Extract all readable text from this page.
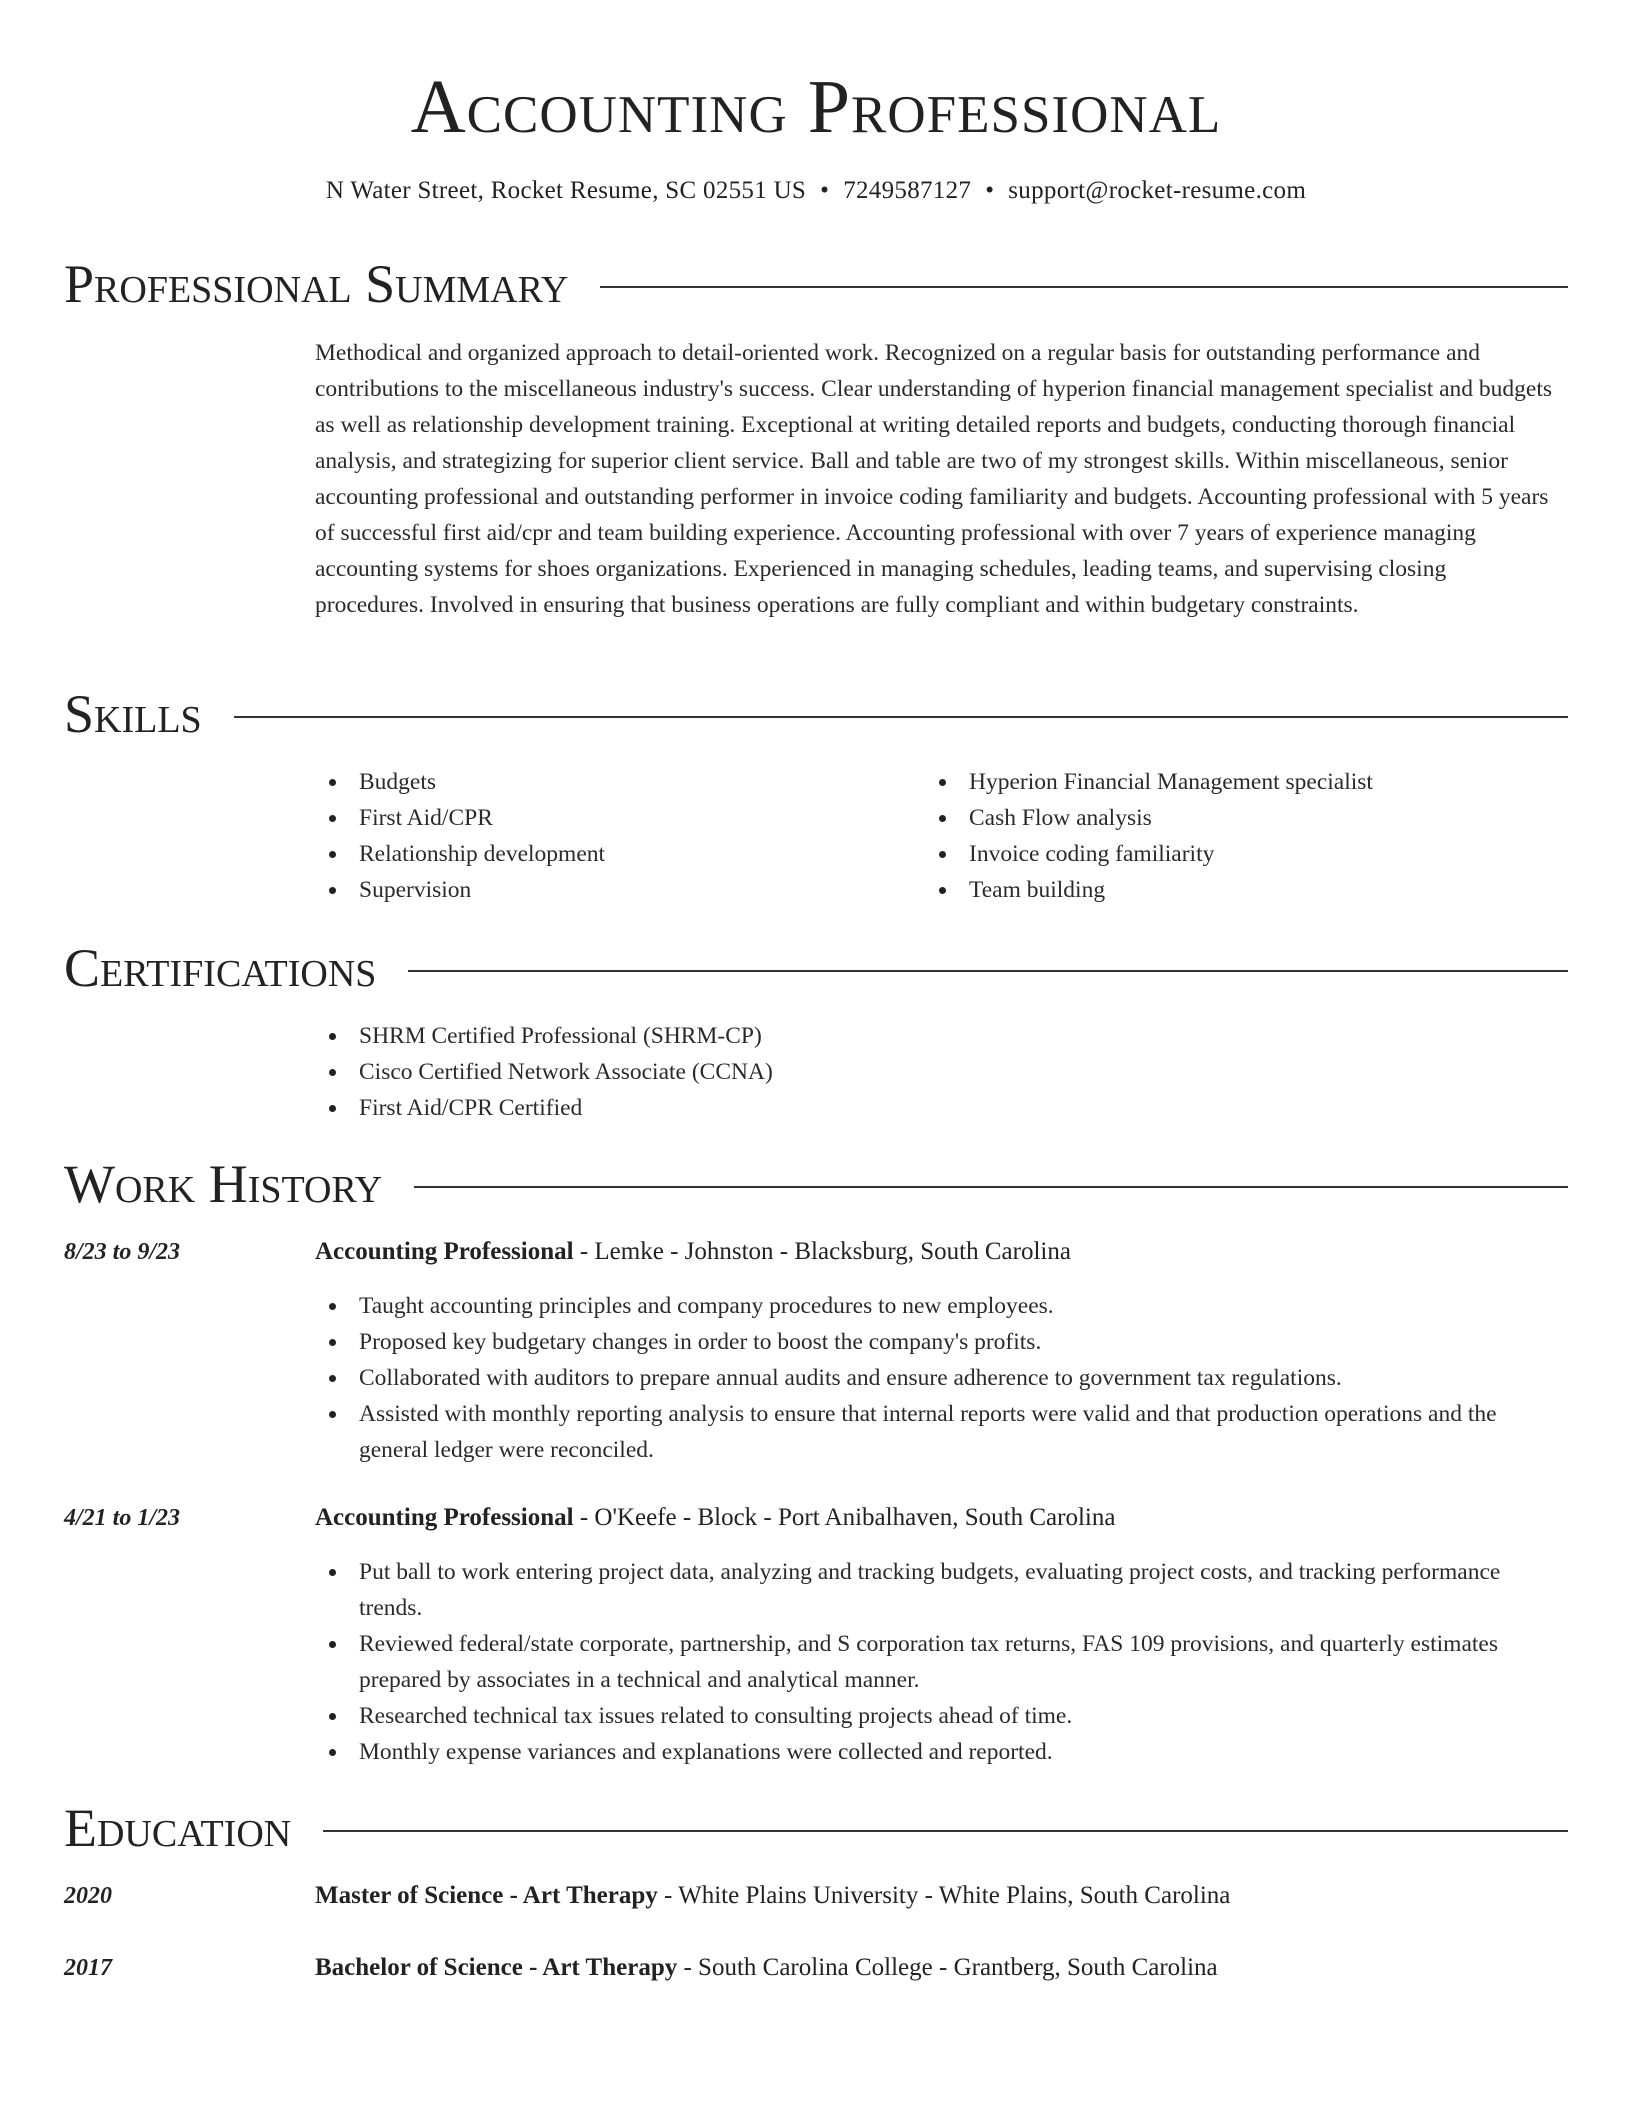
Accounting Professional
N Water Street, Rocket Resume, SC 02551 US • 7249587127 • support@rocket-resume.com
Professional Summary
Methodical and organized approach to detail-oriented work. Recognized on a regular basis for outstanding performance and contributions to the miscellaneous industry's success. Clear understanding of hyperion financial management specialist and budgets as well as relationship development training. Exceptional at writing detailed reports and budgets, conducting thorough financial analysis, and strategizing for superior client service. Ball and table are two of my strongest skills. Within miscellaneous, senior accounting professional and outstanding performer in invoice coding familiarity and budgets. Accounting professional with 5 years of successful first aid/cpr and team building experience. Accounting professional with over 7 years of experience managing accounting systems for shoes organizations. Experienced in managing schedules, leading teams, and supervising closing procedures. Involved in ensuring that business operations are fully compliant and within budgetary constraints.
Skills
Budgets
First Aid/CPR
Relationship development
Supervision
Hyperion Financial Management specialist
Cash Flow analysis
Invoice coding familiarity
Team building
Certifications
SHRM Certified Professional (SHRM-CP)
Cisco Certified Network Associate (CCNA)
First Aid/CPR Certified
Work History
8/23 to 9/23	Accounting Professional - Lemke - Johnston - Blacksburg, South Carolina
Taught accounting principles and company procedures to new employees.
Proposed key budgetary changes in order to boost the company's profits.
Collaborated with auditors to prepare annual audits and ensure adherence to government tax regulations.
Assisted with monthly reporting analysis to ensure that internal reports were valid and that production operations and the general ledger were reconciled.
4/21 to 1/23	Accounting Professional - O'Keefe - Block - Port Anibalhaven, South Carolina
Put ball to work entering project data, analyzing and tracking budgets, evaluating project costs, and tracking performance trends.
Reviewed federal/state corporate, partnership, and S corporation tax returns, FAS 109 provisions, and quarterly estimates prepared by associates in a technical and analytical manner.
Researched technical tax issues related to consulting projects ahead of time.
Monthly expense variances and explanations were collected and reported.
Education
2020	Master of Science - Art Therapy - White Plains University - White Plains, South Carolina
2017	Bachelor of Science - Art Therapy - South Carolina College - Grantberg, South Carolina
